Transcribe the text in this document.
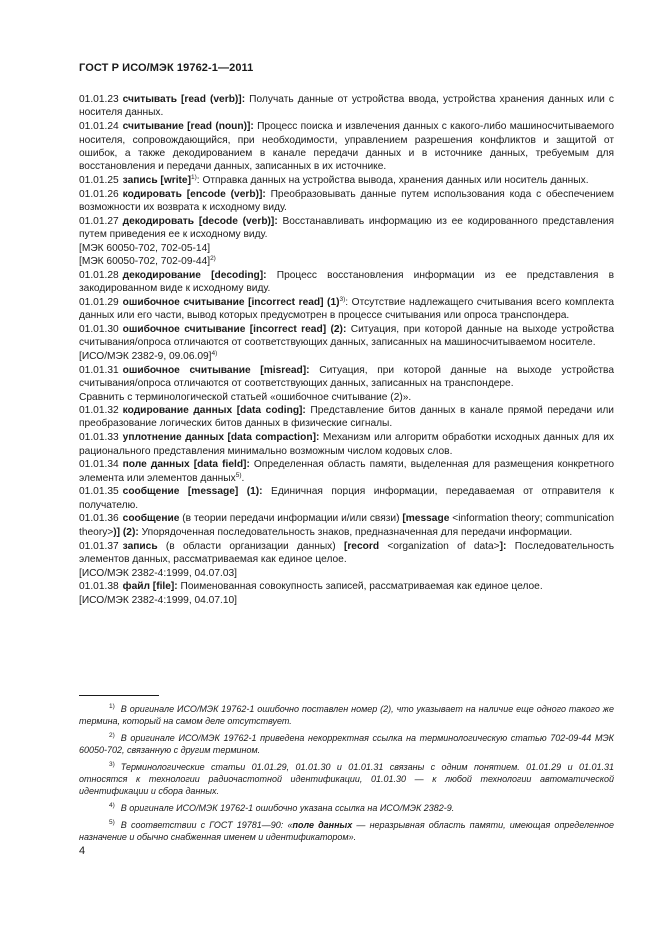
ГОСТ Р ИСО/МЭК 19762-1—2011

01.01.23 считывать [read (verb)]: Получать данные от устройства ввода, устройства хранения данных или с носителя данных.

01.01.24 считывание [read (noun)]: Процесс поиска и извлечения данных с какого-либо машиносчитываемого носителя, сопровождающийся, при необходимости, управлением разрешения конфликтов и защитой от ошибок, а также декодированием в канале передачи данных и в источнике данных, требуемым для восстановления и передачи данных, записанных в их источнике.

01.01.25 запись [write]$^{1)}$: Отправка данных на устройства вывода, хранения данных или носитель данных.

01.01.26 кодировать [encode (verb)]: Преобразовывать данные путем использования кода с обеспечением возможности их возврата к исходному виду.

01.01.27 декодировать [decode (verb)]: Восстанавливать информацию из ее кодированного представления путем приведения ее к исходному виду.

[МЭК 60050-702, 702-05-14]

[МЭК 60050-702, 702-09-44]$^{2)}$

01.01.28 декодирование [decoding]: Процесс восстановления информации из ее представления в закодированном виде к исходному виду.

01.01.29 ошибочное считывание [incorrect read] $(1)^{3)}$: Отсутствие надлежащего считывания всего комплекта данных или его части, вывод которых предусмотрен в процессе считывания или опроса транспондера.

01.01.30 ошибочное считывание [incorrect read] (2): Ситуация, при которой данные на выходе устройства считывания/опроса отличаются от соответствующих данных, записанных на машиносчитываемом носителе.

[ИСО/МЭК 2382-9, 09.06.09]$^{4)}$

01.01.31 ошибочное считывание [misread]: Ситуация, при которой данные на выходе устройства считывания/опроса отличаются от соответствующих данных, записанных на транспондере.

Сравнить с терминологической статьей «ошибочное считывание (2)».

01.01.32 кодирование данных [data coding]: Представление битов данных в канале прямой передачи или преобразование логических битов данных в физические сигналы.

01.01.33 уплотнение данных [data compaction]: Механизм или алгоритм обработки исходных данных для их рационального представления минимально возможным числом кодовых слов.

01.01.34 поле данных [data field]: Определенная область памяти, выделенная для размещения конкретного элемента или элементов данных$^{5)}$.

01.01.35 сообщение [message] (1): Единичная порция информации, передаваемая от отправителя к получателю.

01.01.36 сообщение (в теории передачи информации и/или связи) [message <information theory; communication theory>)] (2): Упорядоченная последовательность знаков, предназначенная для передачи информации.

01.01.37 запись (в области организации данных) [record <organization of data>]: Последовательность элементов данных, рассматриваемая как единое целое.

[ИСО/МЭК 2382-4:1999, 04.07.03]

01.01.38 файл [file]: Поименованная совокупность записей, рассматриваемая как единое целое.

[ИСО/МЭК 2382-4:1999, 04.07.10]

$^{1)}$ В оригинале ИСО/МЭК 19762-1 ошибочно поставлен номер (2), что указывает на наличие еще одного такого же термина, который на самом деле отсутствует.

$^{2)}$ В оригинале ИСО/МЭК 19762-1 приведена некорректная ссылка на терминологическую статью 702-09-44 МЭК 60050-702, связанную с другим термином.

$^{3)}$ Терминологические статьи 01.01.29, 01.01.30 и 01.01.31 связаны с одним понятием. 01.01.29 и 01.01.31 относятся к технологии радиочастотной идентификации, 01.01.30 — к любой технологии автоматической идентификации и сбора данных.

$^{4)}$ В оригинале ИСО/МЭК 19762-1 ошибочно указана ссылка на ИСО/МЭК 2382-9.

$^{5)}$ В соответствии с ГОСТ 19781—90: «поле данных — неразрывная область памяти, имеющая определенное назначение и обычно снабженная именем и идентификатором».

4
